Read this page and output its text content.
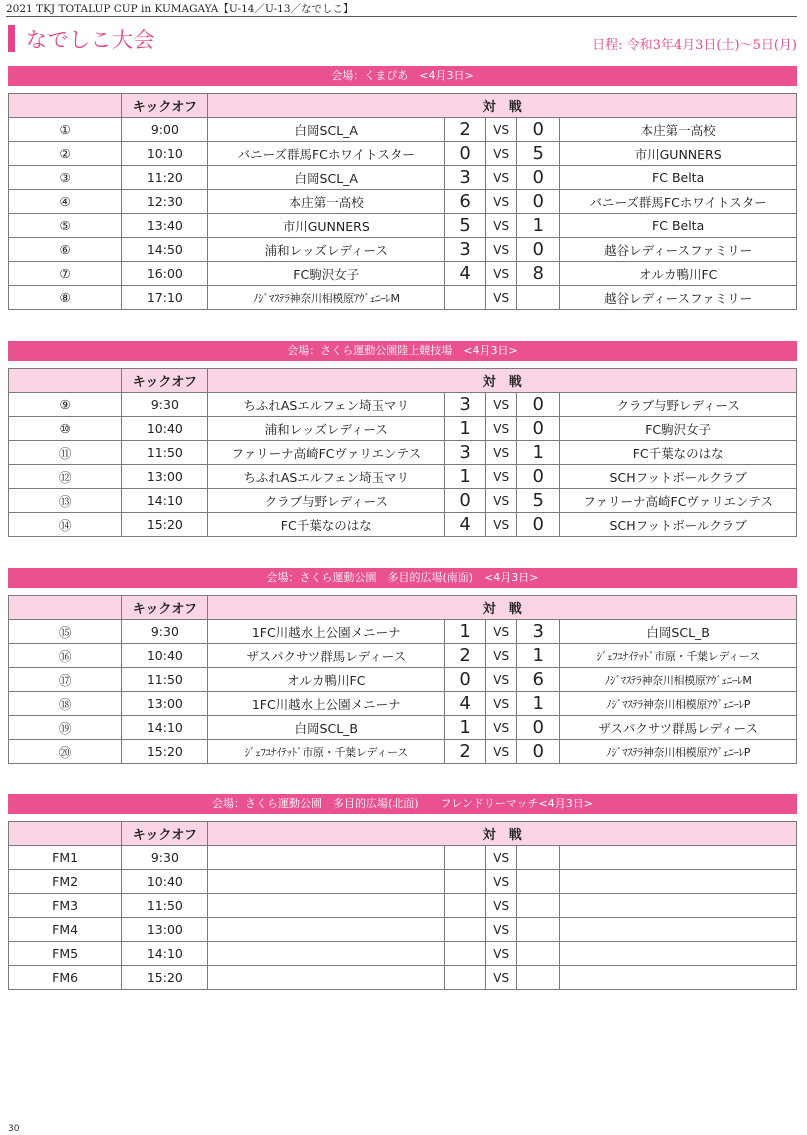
2021 TKJ TOTALUP CUP in KUMAGAYA【U-14／U-13／なでしこ】
なでしこ大会	日程: 令和3年4月3日(土)〜5日(月)
会場：くまぴあ　<4月3日>
	キックオフ	対　戦				
①	9:00	白岡SCL_A	2	VS	0	本庄第一高校
②	10:10	バニーズ群馬FCホワイトスター	0	VS	5	市川GUNNERS
③	11:20	白岡SCL_A	3	VS	0	FC Belta
④	12:30	本庄第一高校	6	VS	0	バニーズ群馬FCホワイトスター
⑤	13:40	市川GUNNERS	5	VS	1	FC Belta
⑥	14:50	浦和レッズレディース	3	VS	0	越谷レディースファミリー
⑦	16:00	FC駒沢女子	4	VS	8	オルカ鴨川FC
⑧	17:10	ﾉｼﾞﾏｽﾃﾗ神奈川相模原ｱｳﾞｪﾆｰﾚM		VS		越谷レディースファミリー
会場：さくら運動公園陸上競技場　<4月3日>
	キックオフ	対　戦				
⑨	9:30	ちふれASエルフェン埼玉マリ	3	VS	0	クラブ与野レディース
⑩	10:40	浦和レッズレディース	1	VS	0	FC駒沢女子
⑪	11:50	ファリーナ高崎FCヴァリエンテス	3	VS	1	FC千葉なのはな
⑫	13:00	ちふれASエルフェン埼玉マリ	1	VS	0	SCHフットボールクラブ
⑬	14:10	クラブ与野レディース	0	VS	5	ファリーナ高崎FCヴァリエンテス
⑭	15:20	FC千葉なのはな	4	VS	0	SCHフットボールクラブ
会場：さくら運動公園　多目的広場(南面)　<4月3日>
	キックオフ	対　戦				
⑮	9:30	1FC川越水上公園メニーナ	1	VS	3	白岡SCL_B
⑯	10:40	ザスパクサツ群馬レディース	2	VS	1	ｼﾞｪﾌﾕﾅｲﾃｯﾄﾞ市原・千葉レディース
⑰	11:50	オルカ鴨川FC	0	VS	6	ﾉｼﾞﾏｽﾃﾗ神奈川相模原ｱｳﾞｪﾆｰﾚM
⑱	13:00	1FC川越水上公園メニーナ	4	VS	1	ﾉｼﾞﾏｽﾃﾗ神奈川相模原ｱｳﾞｪﾆｰﾚP
⑲	14:10	白岡SCL_B	1	VS	0	ザスパクサツ群馬レディース
⑳	15:20	ｼﾞｪﾌﾕﾅｲﾃｯﾄﾞ市原・千葉レディース	2	VS	0	ﾉｼﾞﾏｽﾃﾗ神奈川相模原ｱｳﾞｪﾆｰﾚP
会場：さくら運動公園　多目的広場(北面)　　フレンドリーマッチ<4月3日>
	キックオフ	対　戦				
FM1	9:30			VS		
FM2	10:40			VS		
FM3	11:50			VS		
FM4	13:00			VS		
FM5	14:10			VS		
FM6	15:20			VS		
30
